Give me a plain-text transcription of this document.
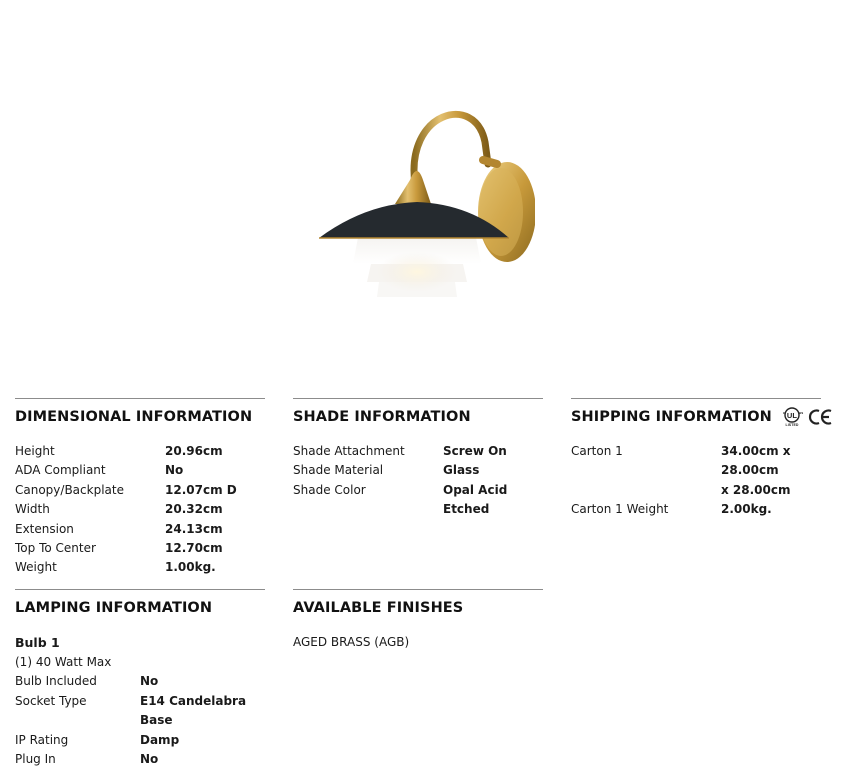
DIMENSIONAL INFORMATION
Height	20.96cm
ADA Compliant	No
Canopy/Backplate	12.07cm D
Width	20.32cm
Extension	24.13cm
Top To Center	12.70cm
Weight	1.00kg.
SHADE INFORMATION
Shade Attachment	Screw On
Shade Material	Glass
Shade Color	Opal Acid Etched
SHIPPING INFORMATION UL
c	us
LISTED
Carton 1	34.00cm x 28.00cm
x 28.00cm
Carton 1 Weight	2.00kg.
LAMPING INFORMATION
Bulb 1
(1) 40 Watt Max
Bulb Included	No
Socket Type	E14 Candelabra Base
IP Rating	Damp
Plug In	No
AVAILABLE FINISHES
AGED BRASS (AGB)
